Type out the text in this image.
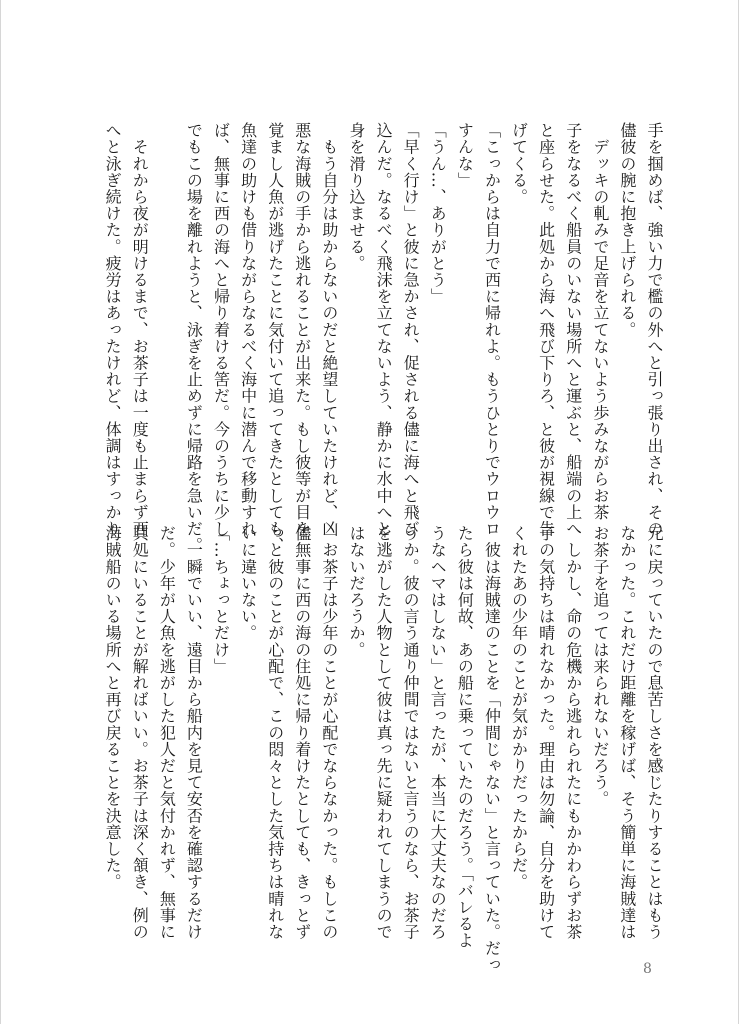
手を掴めば、強い力で檻の外へと引っ張り出され、その
儘彼の腕に抱き上げられる。
　デッキの軋みで足音を立てないよう歩みながらお茶
子をなるべく船員のいない場所へと運ぶと、船端の上へ
と座らせた。此処から海へ飛び下りろ、と彼が視線で告
げてくる。
「こっからは自力で西に帰れよ。もうひとりでウロウロ
すんな」
「うん…、ありがとう」
「早く行け」と彼に急かされ、促される儘に海へと飛び
込んだ。なるべく飛沫を立てないよう、静かに水中へと
身を滑り込ませる。
　もう自分は助からないのだと絶望していたけれど、凶
悪な海賊の手から逃れることが出来た。もし彼等が目を
覚まし人魚が逃げたことに気付いて追ってきたとしても、
魚達の助けも借りながらなるべく海中に潜んで移動すれ
ば、無事に西の海へと帰り着ける筈だ。今のうちに少し
でもこの場を離れようと、泳ぎを止めずに帰路を急いだ。

　それから夜が明けるまで、お茶子は一度も止まらず西
へと泳ぎ続けた。疲労はあったけれど、体調はすっかり
元に戻っていたので息苦しさを感じたりすることはもう
なかった。これだけ距離を稼げば、そう簡単に海賊達は
お茶子を追っては来られないだろう。
　しかし、命の危機から逃れられたにもかかわらずお茶
子の気持ちは晴れなかった。理由は勿論、自分を助けて
くれたあの少年のことが気がかりだったからだ。
　彼は海賊達のことを「仲間じゃない」と言っていた。だっ
たら彼は何故、あの船に乗っていたのだろう。「バレるよ
うなヘマはしない」と言ったが、本当に大丈夫なのだろ
うか。彼の言う通り仲間ではないと言うのなら、お茶子
を逃がした人物として彼は真っ先に疑われてしまうので
はないだろうか。
　お茶子は少年のことが心配でならなかった。もしこの
儘無事に西の海の住処に帰り着けたとしても、きっとず
っと彼のことが心配で、この悶々とした気持ちは晴れな
いに違いない。
「…ちょっとだけ」
　一瞬でいい、遠目から船内を見て安否を確認するだけ
だ。少年が人魚を逃がした犯人だと気付かれず、無事に
其処にいることが解ればいい。お茶子は深く頷き、例の
海賊船のいる場所へと再び戻ることを決意した。
8
